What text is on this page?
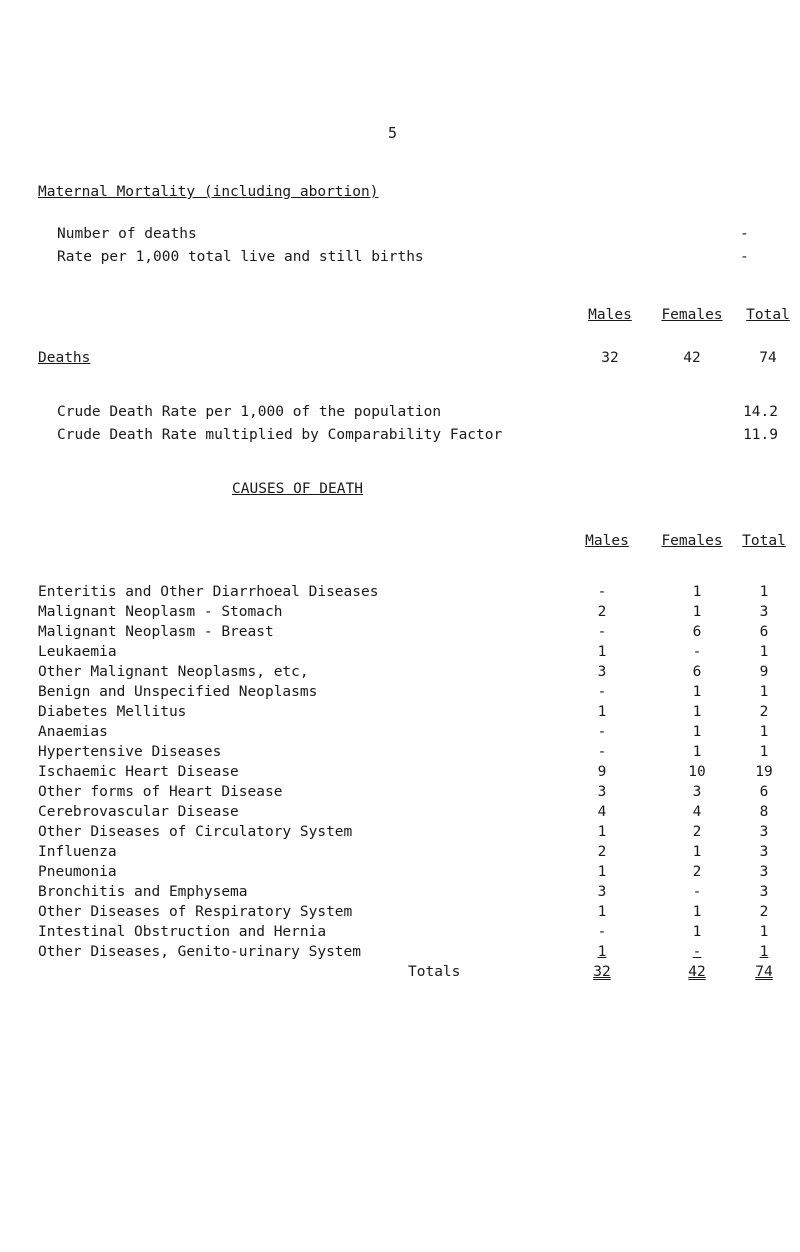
5
Maternal Mortality (including abortion)
Number of deaths	-
Rate per 1,000 total live and still births	-
Males	Females	Total
Deaths	32	42	74
Crude Death Rate per 1,000 of the population	14.2
Crude Death Rate multiplied by Comparability Factor	11.9
CAUSES OF DEATH
Males	Females	Total
Enteritis and Other Diarrhoeal Diseases	-	1	1
Malignant Neoplasm - Stomach	2	1	3
Malignant Neoplasm - Breast	-	6	6
Leukaemia	1	-	1
Other Malignant Neoplasms, etc,	3	6	9
Benign and Unspecified Neoplasms	-	1	1
Diabetes Mellitus	1	1	2
Anaemias	-	1	1
Hypertensive Diseases	-	1	1
Ischaemic Heart Disease	9	10	19
Other forms of Heart Disease	3	3	6
Cerebrovascular Disease	4	4	8
Other Diseases of Circulatory System	1	2	3
Influenza	2	1	3
Pneumonia	1	2	3
Bronchitis and Emphysema	3	-	3
Other Diseases of Respiratory System	1	1	2
Intestinal Obstruction and Hernia	-	1	1
Other Diseases, Genito-urinary System	1	-	1
Totals	32	42	74
